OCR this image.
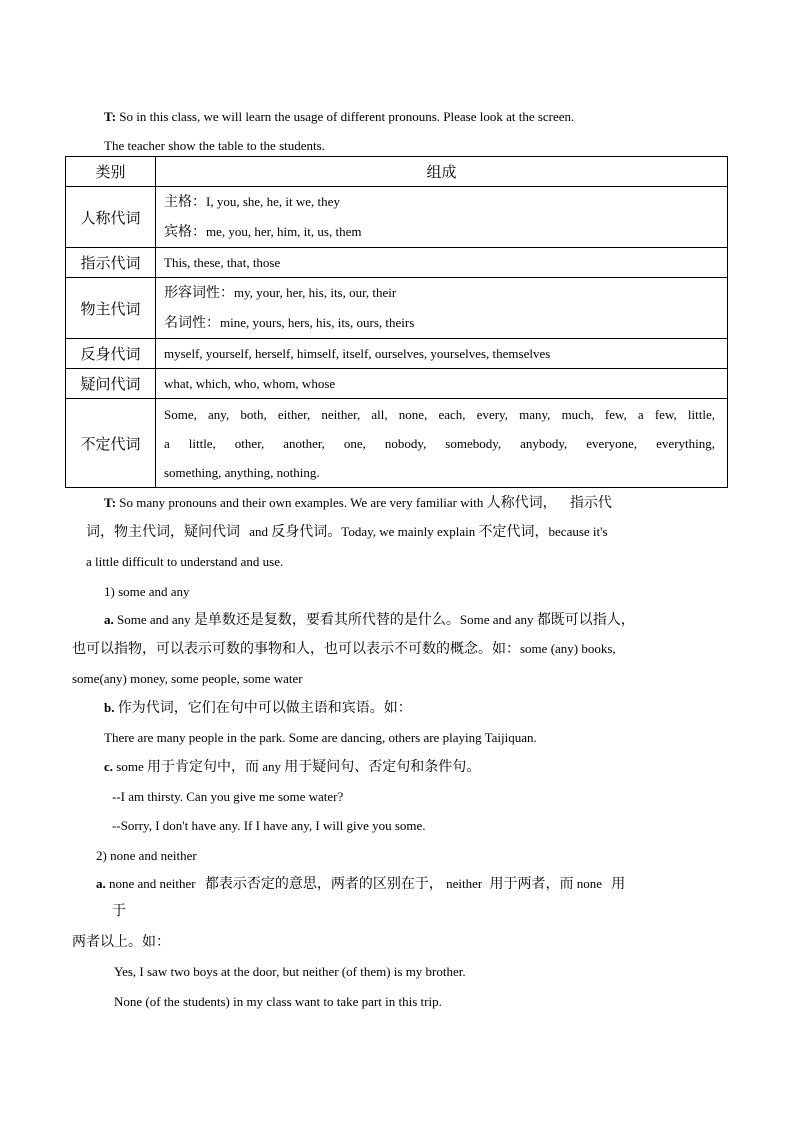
T: So in this class, we will learn the usage of different pronouns. Please look at the screen.
The teacher show the table to the students.
类别	组成
人称代词	主格：I, you, she, he, it we, they
宾格：me, you, her, him, it, us, them

指示代词	This, these, that, those

物主代词	形容词性：my, your, her, his, its, our, their
名词性：mine, yours, hers, his, its, ours, theirs

反身代词	myself, yourself, herself, himself, itself, ourselves, yourselves, themselves

疑问代词	what, which, who, whom, whose

不定代词	Some, any, both, either, neither, all, none, each, every, many, much, few, a few, little,
a little, other, another, one, nobody, somebody, anybody, everyone, everything,
something, anything, nothing.
T: So many pronouns and their own examples. We are very familiar with 人称代词， 指示代
词，物主代词，疑问代词 and 反身代词。Today, we mainly explain 不定代词，because it's
a little difficult to understand and use.
1) some and any
a. Some and any 是单数还是复数，要看其所代替的是什么。Some and any 都既可以指人，
也可以指物，可以表示可数的事物和人，也可以表示不可数的概念。如：some (any) books,
some(any) money, some people, some water
b. 作为代词，它们在句中可以做主语和宾语。如：
There are many people in the park. Some are dancing, others are playing Taijiquan.
c. some 用于肯定句中，而 any 用于疑问句、否定句和条件句。
--I am thirsty. Can you give me some water?
--Sorry, I don't have any. If I have any, I will give you some.
2) none and neither
a. none and neither 都表示否定的意思，两者的区别在于， neither 用于两者，而 none 用
于
两者以上。如：
Yes, I saw two boys at the door, but neither (of them) is my brother.
None (of the students) in my class want to take part in this trip.
